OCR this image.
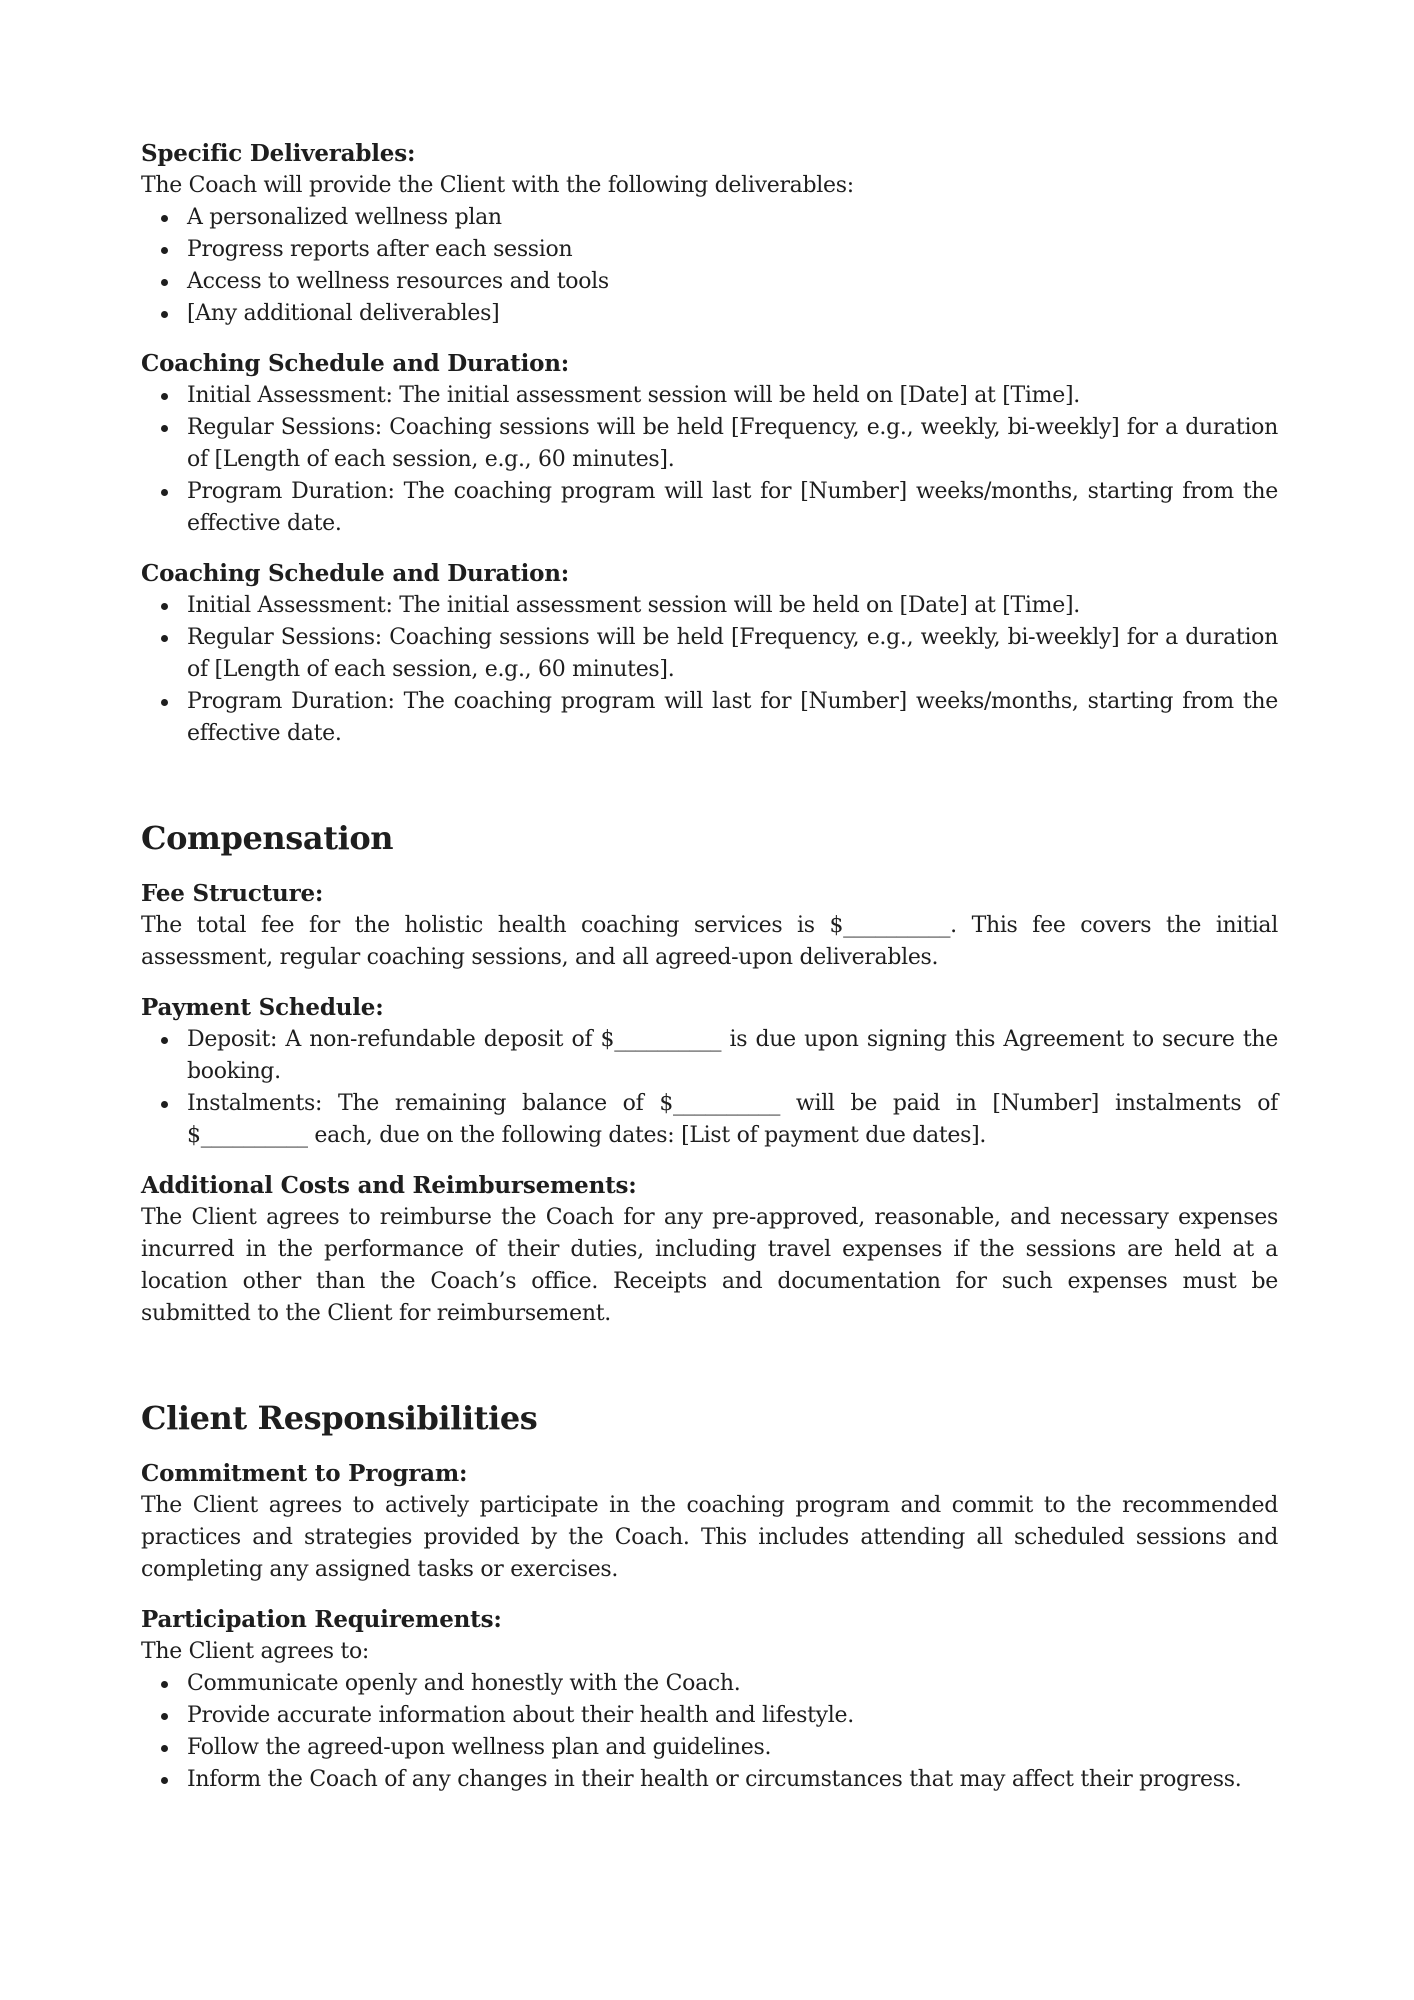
Specific Deliverables:

The Coach will provide the Client with the following deliverables:

A personalized wellness plan
Progress reports after each session
Access to wellness resources and tools
[Any additional deliverables]

Coaching Schedule and Duration:

Initial Assessment: The initial assessment session will be held on [Date] at [Time].
Regular Sessions: Coaching sessions will be held [Frequency, e.g., weekly, bi-weekly] for a duration of [Length of each session, e.g., 60 minutes].
Program Duration: The coaching program will last for [Number] weeks/months, starting from the effective date.

Coaching Schedule and Duration:

Initial Assessment: The initial assessment session will be held on [Date] at [Time].
Regular Sessions: Coaching sessions will be held [Frequency, e.g., weekly, bi-weekly] for a duration of [Length of each session, e.g., 60 minutes].
Program Duration: The coaching program will last for [Number] weeks/months, starting from the effective date.
Compensation

Fee Structure:

The total fee for the holistic health coaching services is $__________. This fee covers the initial assessment, regular coaching sessions, and all agreed-upon deliverables.

Payment Schedule:

Deposit: A non-refundable deposit of $__________ is due upon signing this Agreement to secure the booking.
Instalments: The remaining balance of $__________ will be paid in [Number] instalments of $__________ each, due on the following dates: [List of payment due dates].

Additional Costs and Reimbursements:

The Client agrees to reimburse the Coach for any pre-approved, reasonable, and necessary expenses incurred in the performance of their duties, including travel expenses if the sessions are held at a location other than the Coach’s office. Receipts and documentation for such expenses must be submitted to the Client for reimbursement.

Client Responsibilities

Commitment to Program:

The Client agrees to actively participate in the coaching program and commit to the recommended practices and strategies provided by the Coach. This includes attending all scheduled sessions and completing any assigned tasks or exercises.

Participation Requirements:

The Client agrees to:

Communicate openly and honestly with the Coach.
Provide accurate information about their health and lifestyle.
Follow the agreed-upon wellness plan and guidelines.
Inform the Coach of any changes in their health or circumstances that may affect their progress.
